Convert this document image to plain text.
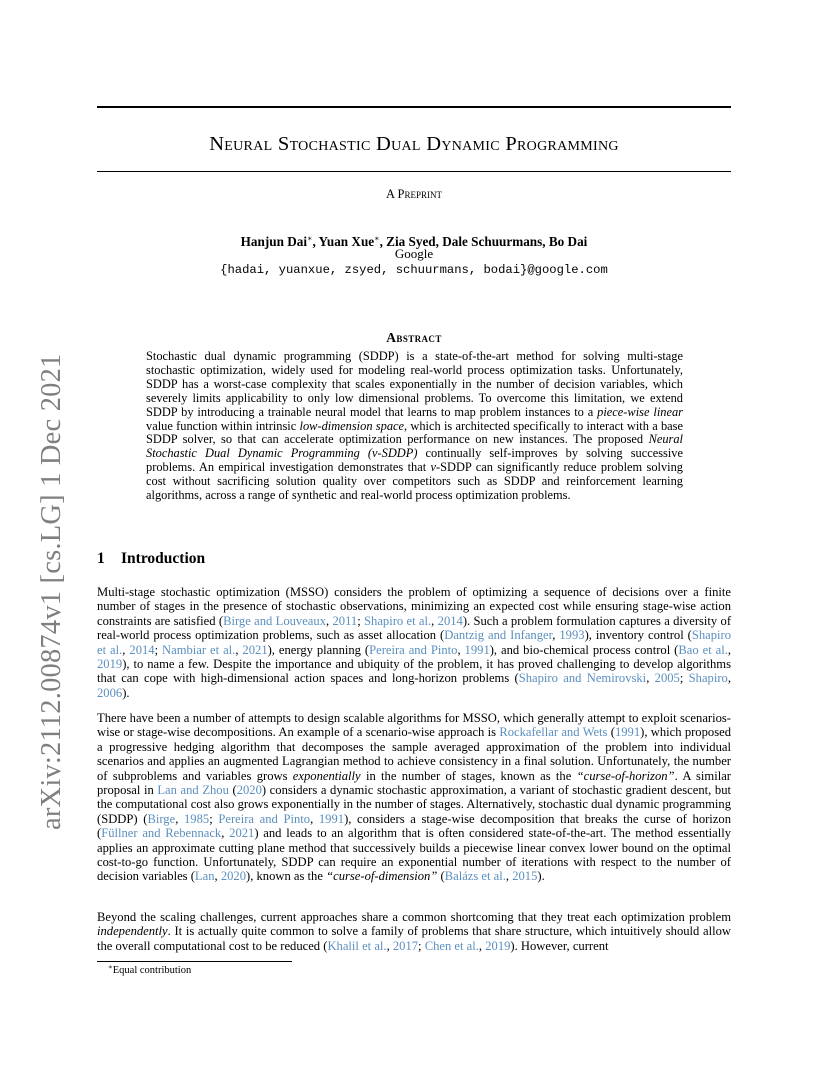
arXiv:2112.00874v1 [cs.LG] 1 Dec 2021
Neural Stochastic Dual Dynamic Programming
A Preprint
Hanjun Dai∗, Yuan Xue∗, Zia Syed, Dale Schuurmans, Bo Dai
Google
{hadai, yuanxue, zsyed, schuurmans, bodai}@google.com
Abstract
Stochastic dual dynamic programming (SDDP) is a state-of-the-art method for solving multi-stage stochastic optimization, widely used for modeling real-world process optimization tasks. Unfortunately, SDDP has a worst-case complexity that scales exponentially in the number of decision variables, which severely limits applicability to only low dimensional problems. To overcome this limitation, we extend SDDP by introducing a trainable neural model that learns to map problem instances to a piece-wise linear value function within intrinsic low-dimension space, which is architected specifically to interact with a base SDDP solver, so that can accelerate optimization performance on new instances. The proposed Neural Stochastic Dual Dynamic Programming (ν-SDDP) continually self-improves by solving successive problems. An empirical investigation demonstrates that ν-SDDP can significantly reduce problem solving cost without sacrificing solution quality over competitors such as SDDP and reinforcement learning algorithms, across a range of synthetic and real-world process optimization problems.
1 Introduction
Multi-stage stochastic optimization (MSSO) considers the problem of optimizing a sequence of decisions over a finite number of stages in the presence of stochastic observations, minimizing an expected cost while ensuring stage-wise action constraints are satisfied (Birge and Louveaux, 2011; Shapiro et al., 2014). Such a problem formulation captures a diversity of real-world process optimization problems, such as asset allocation (Dantzig and Infanger, 1993), inventory control (Shapiro et al., 2014; Nambiar et al., 2021), energy planning (Pereira and Pinto, 1991), and bio-chemical process control (Bao et al., 2019), to name a few. Despite the importance and ubiquity of the problem, it has proved challenging to develop algorithms that can cope with high-dimensional action spaces and long-horizon problems (Shapiro and Nemirovski, 2005; Shapiro, 2006).
There have been a number of attempts to design scalable algorithms for MSSO, which generally attempt to exploit scenarios-wise or stage-wise decompositions. An example of a scenario-wise approach is Rockafellar and Wets (1991), which proposed a progressive hedging algorithm that decomposes the sample averaged approximation of the problem into individual scenarios and applies an augmented Lagrangian method to achieve consistency in a final solution. Unfortunately, the number of subproblems and variables grows exponentially in the number of stages, known as the “curse-of-horizon”. A similar proposal in Lan and Zhou (2020) considers a dynamic stochastic approximation, a variant of stochastic gradient descent, but the computational cost also grows exponentially in the number of stages. Alternatively, stochastic dual dynamic programming (SDDP) (Birge, 1985; Pereira and Pinto, 1991), considers a stage-wise decomposition that breaks the curse of horizon (Füllner and Rebennack, 2021) and leads to an algorithm that is often considered state-of-the-art. The method essentially applies an approximate cutting plane method that successively builds a piecewise linear convex lower bound on the optimal cost-to-go function. Unfortunately, SDDP can require an exponential number of iterations with respect to the number of decision variables (Lan, 2020), known as the “curse-of-dimension” (Balázs et al., 2015).
Beyond the scaling challenges, current approaches share a common shortcoming that they treat each optimization problem independently. It is actually quite common to solve a family of problems that share structure, which intuitively should allow the overall computational cost to be reduced (Khalil et al., 2017; Chen et al., 2019). However, current
∗Equal contribution
